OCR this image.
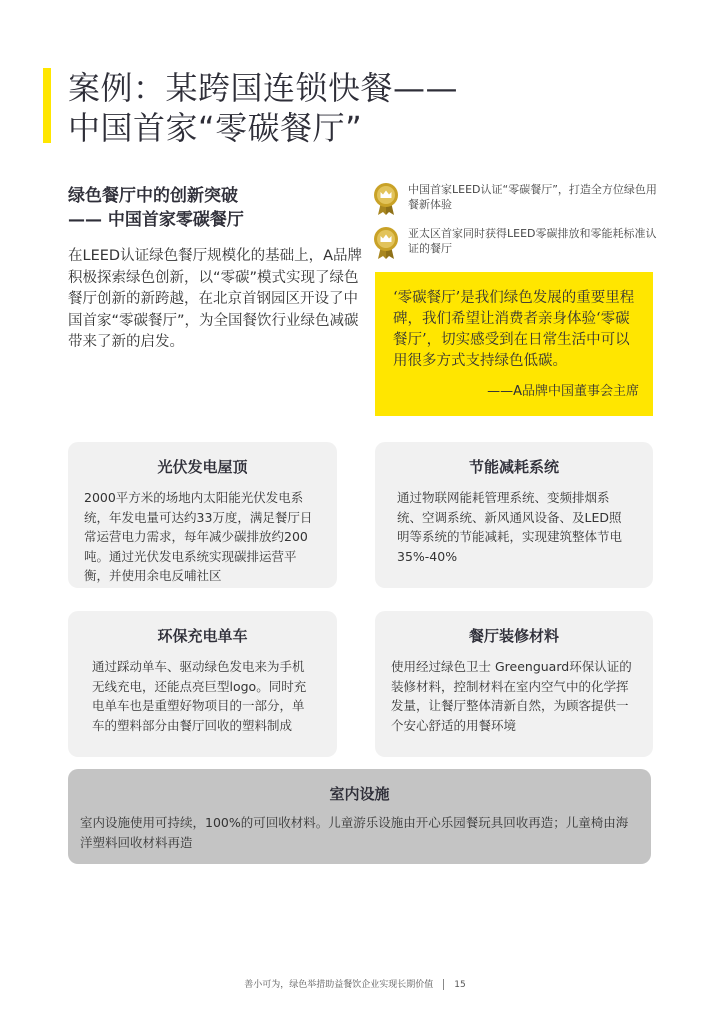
案例：某跨国连锁快餐——
中国首家“零碳餐厅”
绿色餐厅中的创新突破
—— 中国首家零碳餐厅

在LEED认证绿色餐厅规模化的基础上，A品牌积极探索绿色创新，以“零碳”模式实现了绿色餐厅创新的新跨越，在北京首钢园区开设了中国首家“零碳餐厅”，为全国餐饮行业绿色减碳带来了新的启发。

中国首家LEED认证“零碳餐厅”，打造全方位绿色用餐新体验
亚太区首家同时获得LEED零碳排放和零能耗标准认证的餐厅

‘零碳餐厅’是我们绿色发展的重要里程碑，我们希望让消费者亲身体验‘零碳餐厅’，切实感受到在日常生活中可以用很多方式支持绿色低碳。

——A品牌中国董事会主席
光伏发电屋顶

2000平方米的场地内太阳能光伏发电系统，年发电量可达约33万度，满足餐厅日常运营电力需求，每年减少碳排放约200吨。通过光伏发电系统实现碳排运营平衡，并使用余电反哺社区

节能减耗系统

通过物联网能耗管理系统、变频排烟系统、空调系统、新风通风设备、及LED照明等系统的节能减耗，实现建筑整体节电35%-40%

环保充电单车

通过踩动单车、驱动绿色发电来为手机无线充电，还能点亮巨型logo。同时充电单车也是重塑好物项目的一部分，单车的塑料部分由餐厅回收的塑料制成

餐厅装修材料

使用经过绿色卫士 Greenguard环保认证的装修材料，控制材料在室内空气中的化学挥发量，让餐厅整体清新自然，为顾客提供一个安心舒适的用餐环境

室内设施

室内设施使用可持续，100%的可回收材料。儿童游乐设施由开心乐园餐玩具回收再造；儿童椅由海洋塑料回收材料再造

善小可为，绿色举措助益餐饮企业实现长期价值 15
